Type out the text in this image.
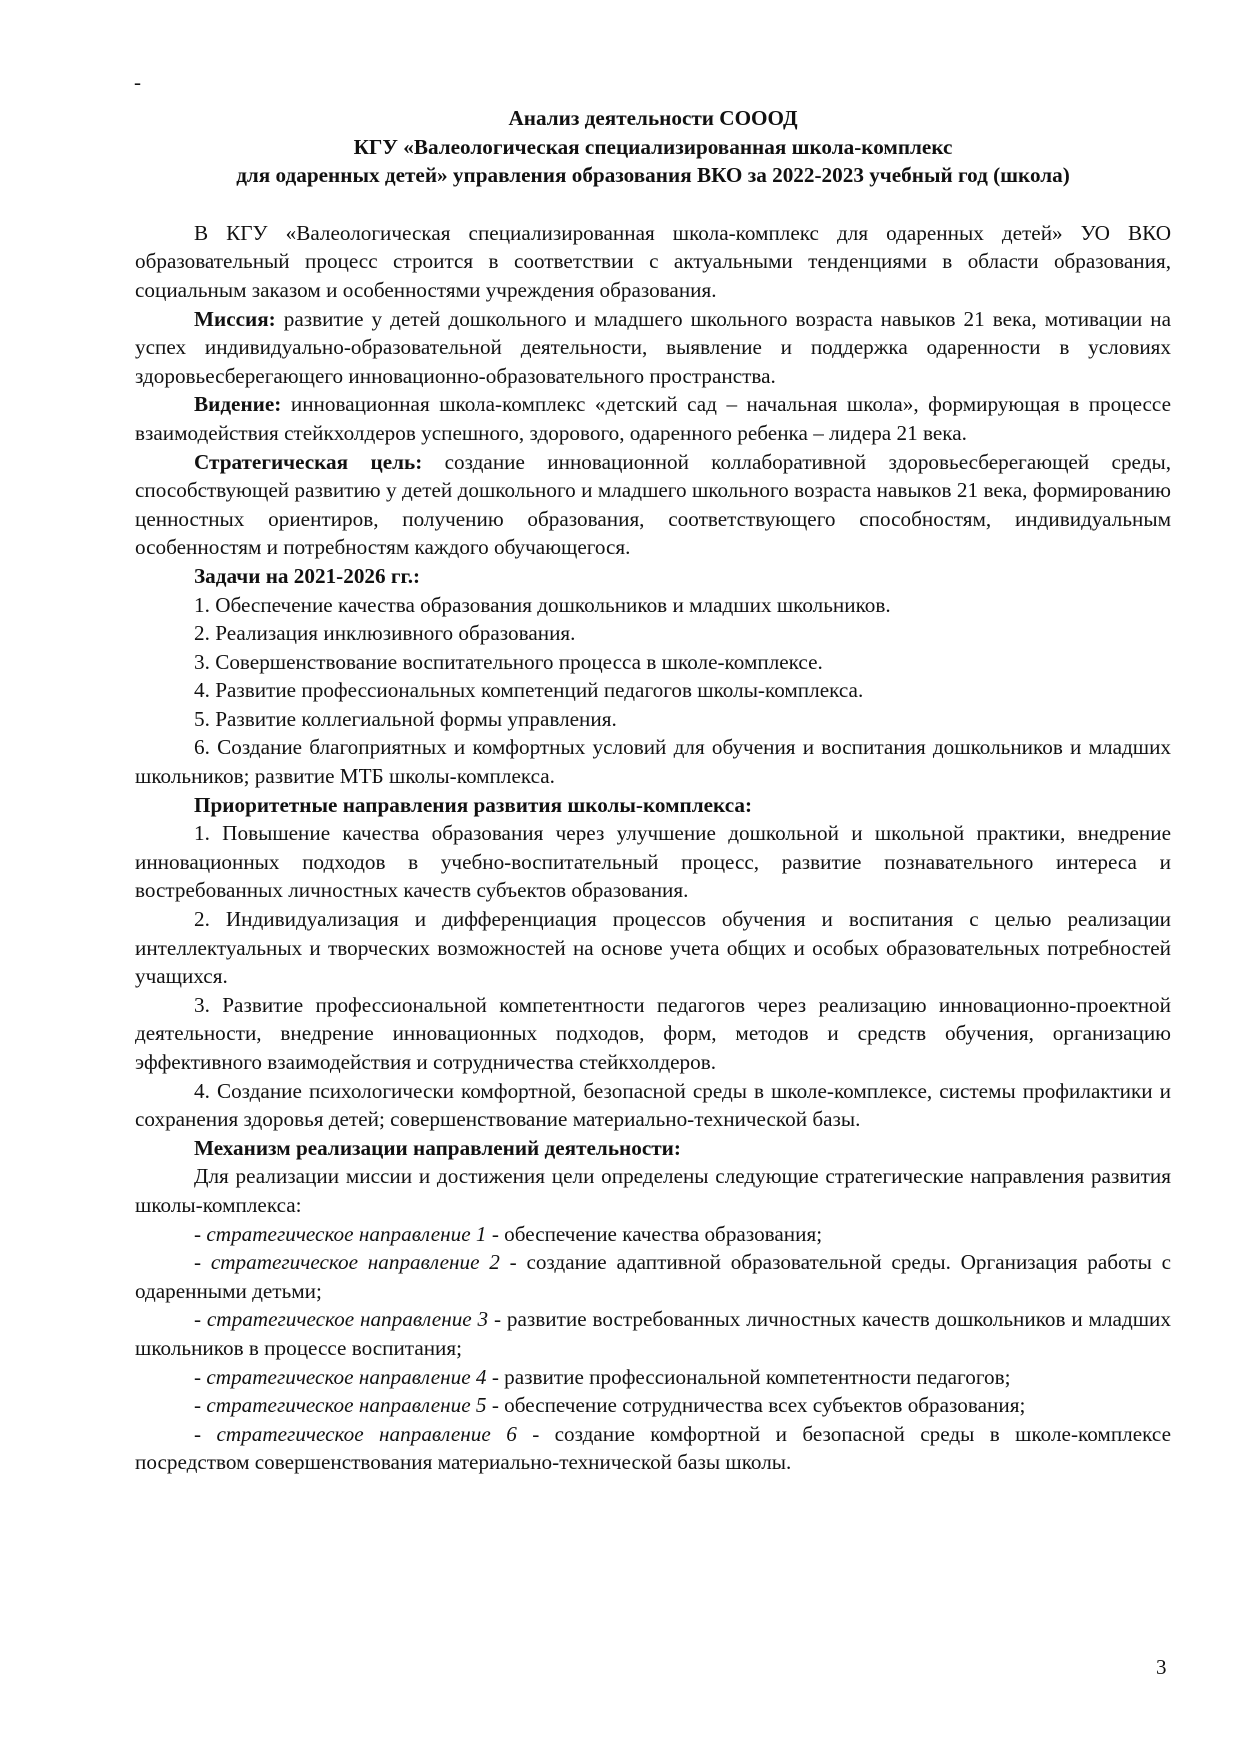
-
Анализ деятельности СОООД
КГУ «Валеологическая специализированная школа-комплекс
для одаренных детей» управления образования ВКО за 2022-2023 учебный год (школа)

В КГУ «Валеологическая специализированная школа-комплекс для одаренных детей» УО ВКО образовательный процесс строится в соответствии с актуальными тенденциями в области образования, социальным заказом и особенностями учреждения образования.

Миссия: развитие у детей дошкольного и младшего школьного возраста навыков 21 века, мотивации на успех индивидуально-образовательной деятельности, выявление и поддержка одаренности в условиях здоровьесберегающего инновационно-образовательного пространства.

Видение: инновационная школа-комплекс «детский сад – начальная школа», формирующая в процессе взаимодействия стейкхолдеров успешного, здорового, одаренного ребенка – лидера 21 века.

Стратегическая цель: создание инновационной коллаборативной здоровьесберегающей среды, способствующей развитию у детей дошкольного и младшего школьного возраста навыков 21 века, формированию ценностных ориентиров, получению образования, соответствующего способностям, индивидуальным особенностям и потребностям каждого обучающегося.

Задачи на 2021-2026 гг.:
1. Обеспечение качества образования дошкольников и младших школьников.
2. Реализация инклюзивного образования.
3. Совершенствование воспитательного процесса в школе-комплексе.
4. Развитие профессиональных компетенций педагогов школы-комплекса.
5. Развитие коллегиальной формы управления.
6. Создание благоприятных и комфортных условий для обучения и воспитания дошкольников и младших школьников; развитие МТБ школы-комплекса.
Приоритетные направления развития школы-комплекса:
1. Повышение качества образования через улучшение дошкольной и школьной практики, внедрение инновационных подходов в учебно-воспитательный процесс, развитие познавательного интереса и востребованных личностных качеств субъектов образования.
2. Индивидуализация и дифференциация процессов обучения и воспитания с целью реализации интеллектуальных и творческих возможностей на основе учета общих и особых образовательных потребностей учащихся.
3. Развитие профессиональной компетентности педагогов через реализацию инновационно-проектной деятельности, внедрение инновационных подходов, форм, методов и средств обучения, организацию эффективного взаимодействия и сотрудничества стейкхолдеров.
4. Создание психологически комфортной, безопасной среды в школе-комплексе, системы профилактики и сохранения здоровья детей; совершенствование материально-технической базы.
Механизм реализации направлений деятельности:

Для реализации миссии и достижения цели определены следующие стратегические направления развития школы-комплекса:

- стратегическое направление 1 - обеспечение качества образования;
- стратегическое направление 2 - создание адаптивной образовательной среды. Организация работы с одаренными детьми;
- стратегическое направление 3 - развитие востребованных личностных качеств дошкольников и младших школьников в процессе воспитания;
- стратегическое направление 4 - развитие профессиональной компетентности педагогов;
- стратегическое направление 5 - обеспечение сотрудничества всех субъектов образования;
- стратегическое направление 6 - создание комфортной и безопасной среды в школе-комплексе посредством совершенствования материально-технической базы школы.
3
